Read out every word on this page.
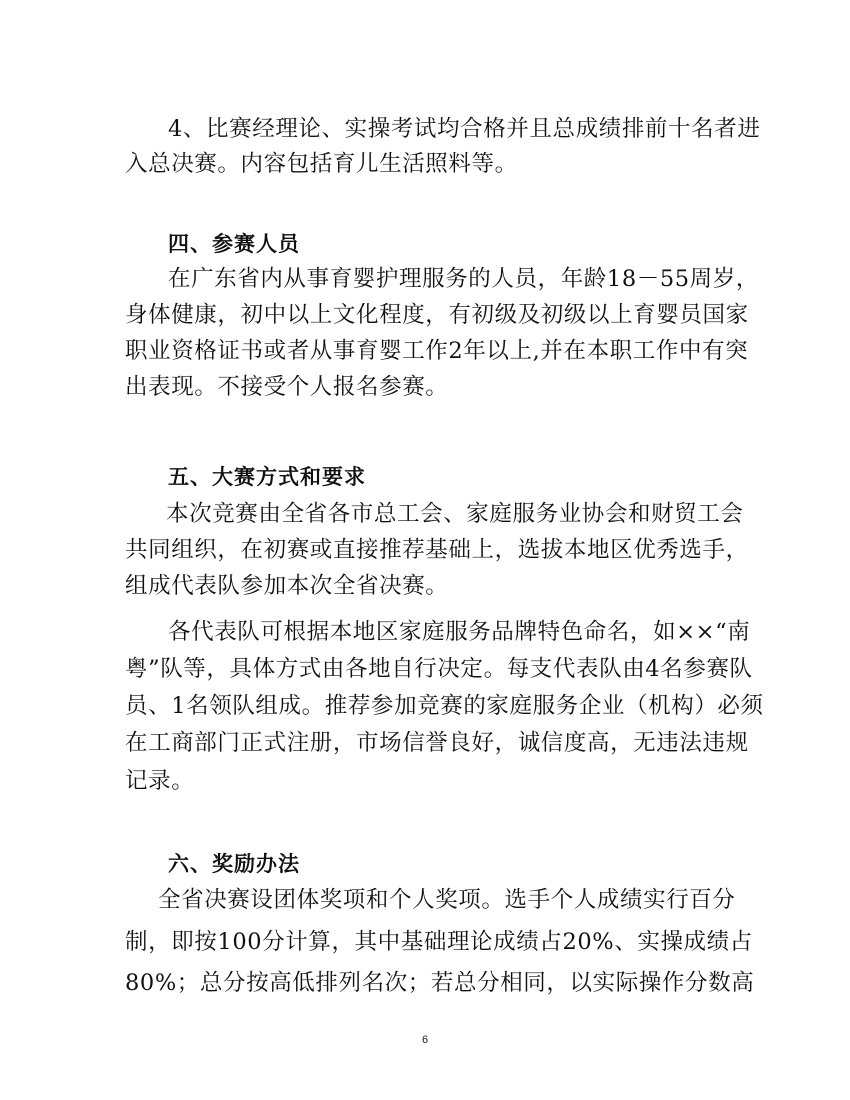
4、比赛经理论、实操考试均合格并且总成绩排前十名者进
入总决赛。内容包括育儿生活照料等。
四、参赛人员
在广东省内从事育婴护理服务的人员，年龄18－55周岁，
身体健康，初中以上文化程度，有初级及初级以上育婴员国家
职业资格证书或者从事育婴工作2年以上,并在本职工作中有突
出表现。不接受个人报名参赛。
五、大赛方式和要求
本次竞赛由全省各市总工会、家庭服务业协会和财贸工会
共同组织，在初赛或直接推荐基础上，选拔本地区优秀选手，
组成代表队参加本次全省决赛。
各代表队可根据本地区家庭服务品牌特色命名，如××“南
粤”队等，具体方式由各地自行决定。每支代表队由4名参赛队
员、1名领队组成。推荐参加竞赛的家庭服务企业（机构）必须
在工商部门正式注册，市场信誉良好，诚信度高，无违法违规
记录。
六、奖励办法
全省决赛设团体奖项和个人奖项。选手个人成绩实行百分
制，即按100分计算，其中基础理论成绩占20%、实操成绩占
80%；总分按高低排列名次；若总分相同，以实际操作分数高
6
